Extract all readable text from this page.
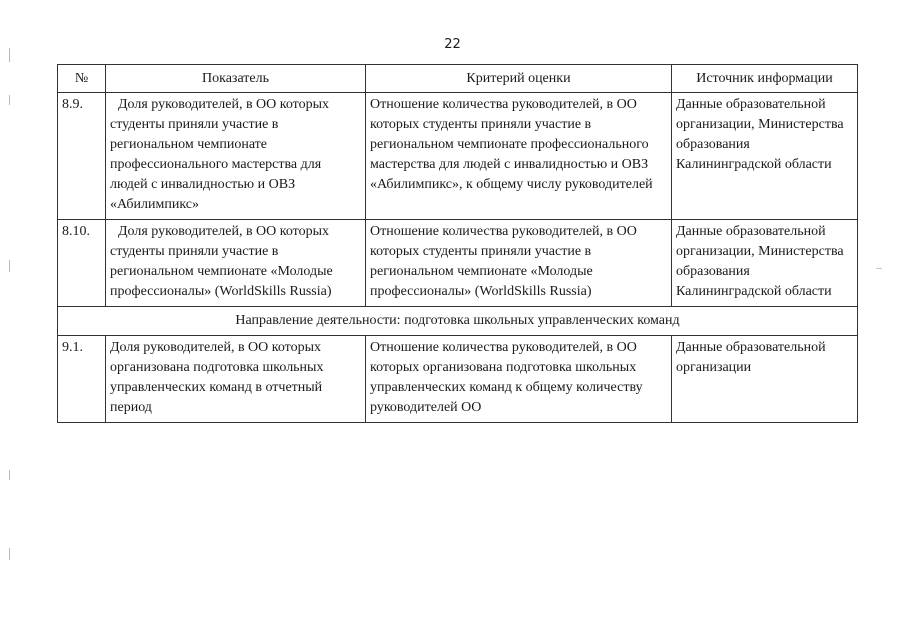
22
№	Показатель	Критерий оценки	Источник информации
8.9.	Доля руководителей, в ОО которых студенты приняли участие в региональном чемпионате профессионального мастерства для людей с инвалидностью и ОВЗ «Абилимпикс»	Отношение количества руководителей, в ОО которых студенты приняли участие в региональном чемпионате профессионального мастерства для людей с инвалидностью и ОВЗ «Абилимпикс», к общему числу руководителей	Данные образовательной организации, Министерства образования Калининградской области
8.10.	Доля руководителей, в ОО которых студенты приняли участие в региональном чемпионате «Молодые профессионалы» (WorldSkills Russia)	Отношение количества руководителей, в ОО которых студенты приняли участие в региональном чемпионате «Молодые профессионалы» (WorldSkills Russia)	Данные образовательной организации, Министерства образования Калининградской области
Направление деятельности: подготовка школьных управленческих команд			
9.1.	Доля руководителей, в ОО которых организована подготовка школьных управленческих команд в отчетный период	Отношение количества руководителей, в ОО которых организована подготовка школьных управленческих команд к общему количеству руководителей ОО	Данные образовательной организации
